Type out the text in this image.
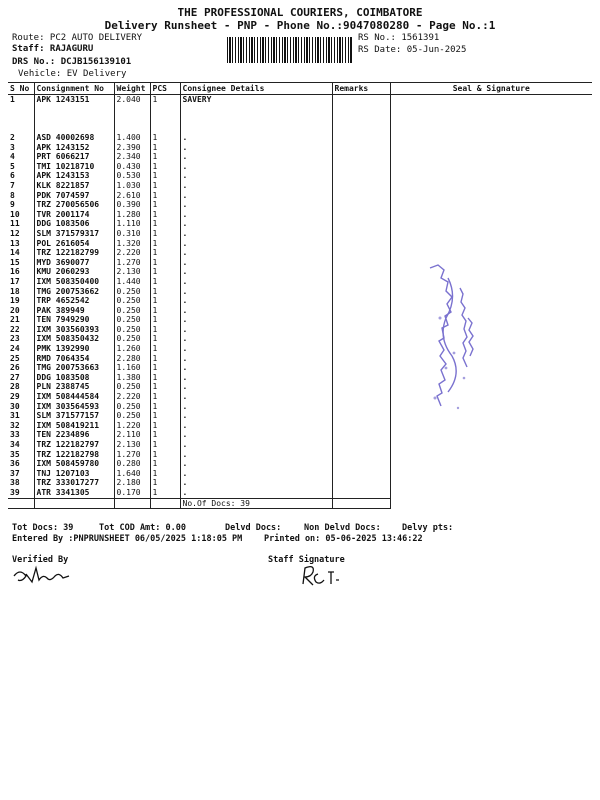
THE PROFESSIONAL COURIERS, COIMBATORE
Delivery Runsheet - PNP - Phone No.:9047080280 - Page No.:1
Route: PC2 AUTO DELIVERY
Staff: RAJAGURU
DRS No.: DCJB156139101
Vehicle: EV Delivery
RS No.: 1561391
RS Date: 05-Jun-2025
S No	Consignment No	Weight	PCS	Consignee Details	Remarks	Seal & Signature
1	APK 1243151	2.040	1	SAVERY		
2	ASD 40002698	1.400	1	.		
3	APK 1243152	2.390	1	.		
4	PRT 6066217	2.340	1	.		
5	TMI 10218710	0.430	1	.		
6	APK 1243153	0.530	1	.		
7	KLK 8221857	1.030	1	.		
8	PDK 7074597	2.610	1	.		
9	TRZ 270056506	0.390	1	.		
10	TVR 2001174	1.280	1	.		
11	DDG 1083506	1.110	1	.		
12	SLM 371579317	0.310	1	.		
13	POL 2616054	1.320	1	.		
14	TRZ 122182799	2.220	1	.		
15	MYD 3690077	1.270	1	.		
16	KMU 2060293	2.130	1	.		
17	IXM 508350400	1.440	1	.		
18	TMG 200753662	0.250	1	.		
19	TRP 4652542	0.250	1	.		
20	PAK 389949	0.250	1	.		
21	TEN 7949290	0.250	1	.		
22	IXM 303560393	0.250	1	.		
23	IXM 508350432	0.250	1	.		
24	PMK 1392990	1.260	1	.		
25	RMD 7064354	2.280	1	.		
26	TMG 200753663	1.160	1	.		
27	DDG 1083508	1.380	1	.		
28	PLN 2388745	0.250	1	.		
29	IXM 508444584	2.220	1	.		
30	IXM 303564593	0.250	1	.		
31	SLM 371577157	0.250	1	.		
32	IXM 508419211	1.220	1	.		
33	TEN 2234896	2.110	1	.		
34	TRZ 122182797	2.130	1	.		
35	TRZ 122182798	1.270	1	.		
36	IXM 508459780	0.280	1	.		
37	TNJ 1207103	1.640	1	.		
38	TRZ 333017277	2.180	1	.		
39	ATR 3341305	0.170	1	.		
				No.Of Docs: 39		
Tot Docs: 39	Tot COD Amt: 0.00	Delvd Docs:	Non Delvd Docs: Delvy pts:
Entered By :PNPRUNSHEET 06/05/2025 1:18:05 PM	Printed on: 05-06-2025 13:46:22
Verified By	Staff Signature
